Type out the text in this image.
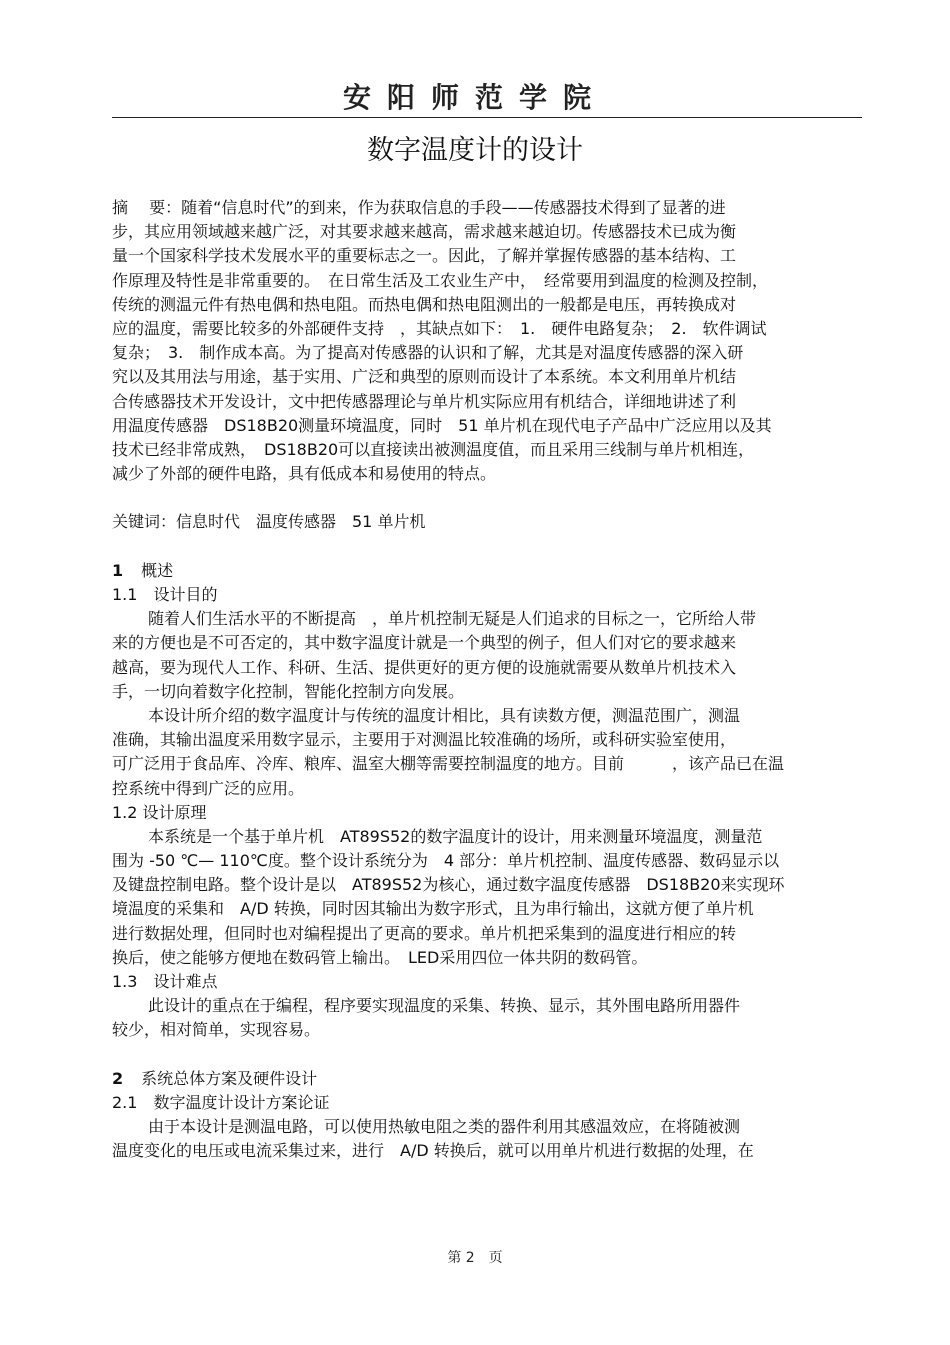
安阳师范学院
数字温度计的设计
摘　 要：随着“信息时代”的到来，作为获取信息的手段——传感器技术得到了显著的进
步，其应用领域越来越广泛，对其要求越来越高，需求越来越迫切。传感器技术已成为衡
量一个国家科学技术发展水平的重要标志之一。因此，了解并掌握传感器的基本结构、工
作原理及特性是非常重要的。　在日常生活及工农业生产中，　经常要用到温度的检测及控制，
传统的测温元件有热电偶和热电阻。而热电偶和热电阻测出的一般都是电压，再转换成对
应的温度，需要比较多的外部硬件支持　，其缺点如下：　1.　硬件电路复杂；　2.　软件调试
复杂；　3.　制作成本高。为了提高对传感器的认识和了解，尤其是对温度传感器的深入研
究以及其用法与用途，基于实用、广泛和典型的原则而设计了本系统。本文利用单片机结
合传感器技术开发设计，文中把传感器理论与单片机实际应用有机结合，详细地讲述了利
用温度传感器　DS18B20测量环境温度，同时　51 单片机在现代电子产品中广泛应用以及其
技术已经非常成熟，　DS18B20可以直接读出被测温度值，而且采用三线制与单片机相连，
减少了外部的硬件电路，具有低成本和易使用的特点。
关键词：信息时代　温度传感器　51 单片机
1 概述
1.1　设计目的
随着人们生活水平的不断提高　，单片机控制无疑是人们追求的目标之一，它所给人带
来的方便也是不可否定的，其中数字温度计就是一个典型的例子，但人们对它的要求越来
越高，要为现代人工作、科研、生活、提供更好的更方便的设施就需要从数单片机技术入
手，一切向着数字化控制，智能化控制方向发展。
本设计所介绍的数字温度计与传统的温度计相比，具有读数方便，测温范围广，测温
准确，其输出温度采用数字显示，主要用于对测温比较准确的场所，或科研实验室使用，
可广泛用于食品库、冷库、粮库、温室大棚等需要控制温度的地方。目前　　　，该产品已在温
控系统中得到广泛的应用。
1.2 设计原理
本系统是一个基于单片机　AT89S52的数字温度计的设计，用来测量环境温度，测量范
围为 -50 ℃— 110℃度。整个设计系统分为　4 部分：单片机控制、温度传感器、数码显示以
及键盘控制电路。整个设计是以　AT89S52为核心，通过数字温度传感器　DS18B20来实现环
境温度的采集和　A/D 转换，同时因其输出为数字形式，且为串行输出，这就方便了单片机
进行数据处理，但同时也对编程提出了更高的要求。单片机把采集到的温度进行相应的转
换后，使之能够方便地在数码管上输出。　LED采用四位一体共阴的数码管。
1.3　设计难点
此设计的重点在于编程，程序要实现温度的采集、转换、显示，其外围电路所用器件
较少，相对简单，实现容易。
2 系统总体方案及硬件设计
2.1　数字温度计设计方案论证
由于本设计是测温电路，可以使用热敏电阻之类的器件利用其感温效应，在将随被测
温度变化的电压或电流采集过来，进行　A/D 转换后，就可以用单片机进行数据的处理，在
第 2　页
